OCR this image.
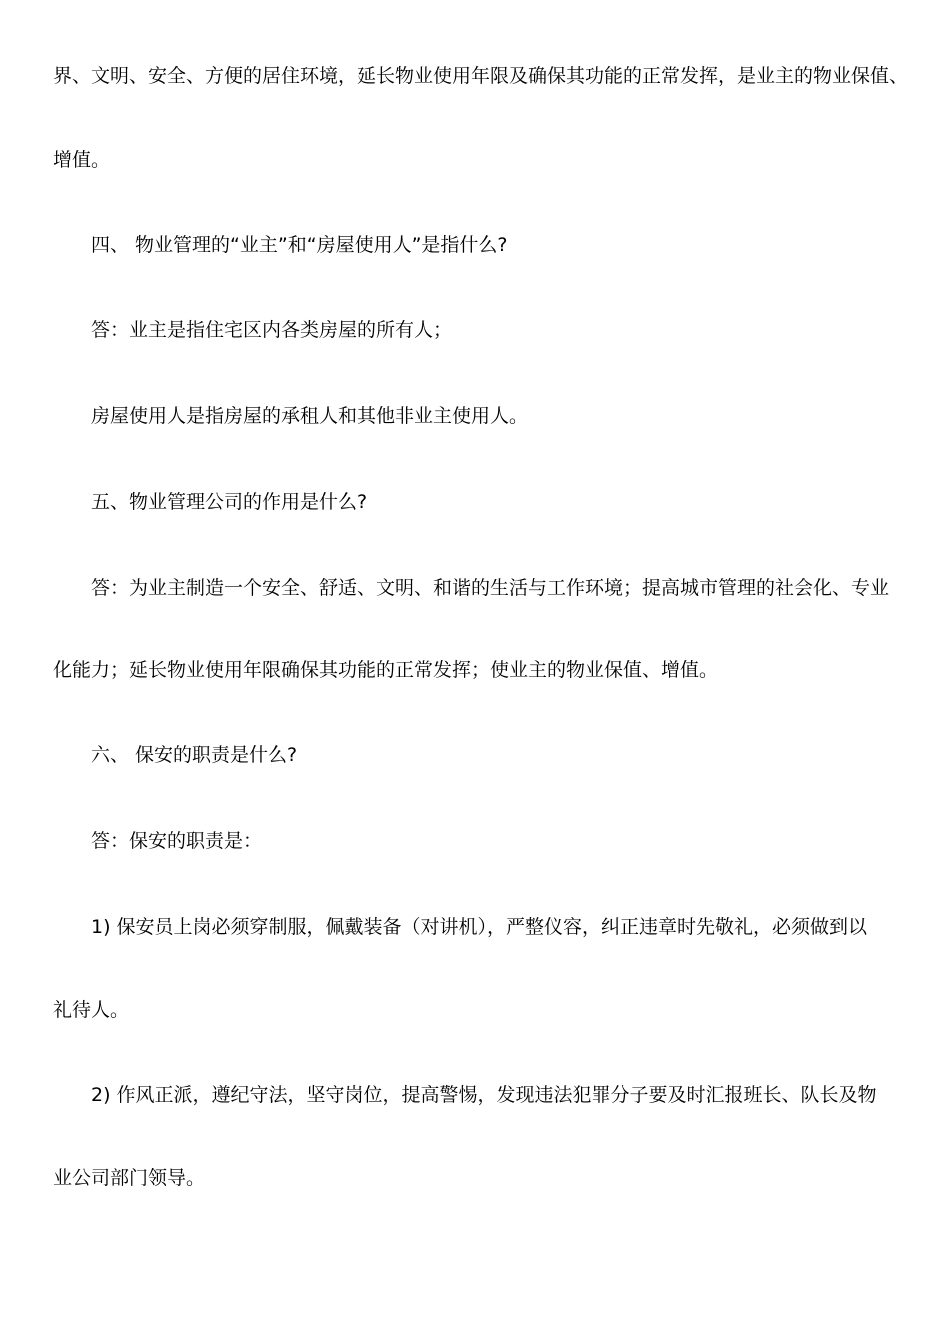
界、文明、安全、方便的居住环境，延长物业使用年限及确保其功能的正常发挥，是业主的物业保值、
增值。
四、 物业管理的“业主”和“房屋使用人”是指什么?
答：业主是指住宅区内各类房屋的所有人；
房屋使用人是指房屋的承租人和其他非业主使用人。
五、物业管理公司的作用是什么?
答：为业主制造一个安全、舒适、文明、和谐的生活与工作环境；提高城市管理的社会化、专业
化能力；延长物业使用年限确保其功能的正常发挥；使业主的物业保值、增值。
六、 保安的职责是什么?
答：保安的职责是：
1) 保安员上岗必须穿制服，佩戴装备（对讲机），严整仪容，纠正违章时先敬礼，必须做到以
礼待人。
2) 作风正派，遵纪守法，坚守岗位，提高警惕，发现违法犯罪分子要及时汇报班长、队长及物
业公司部门领导。
